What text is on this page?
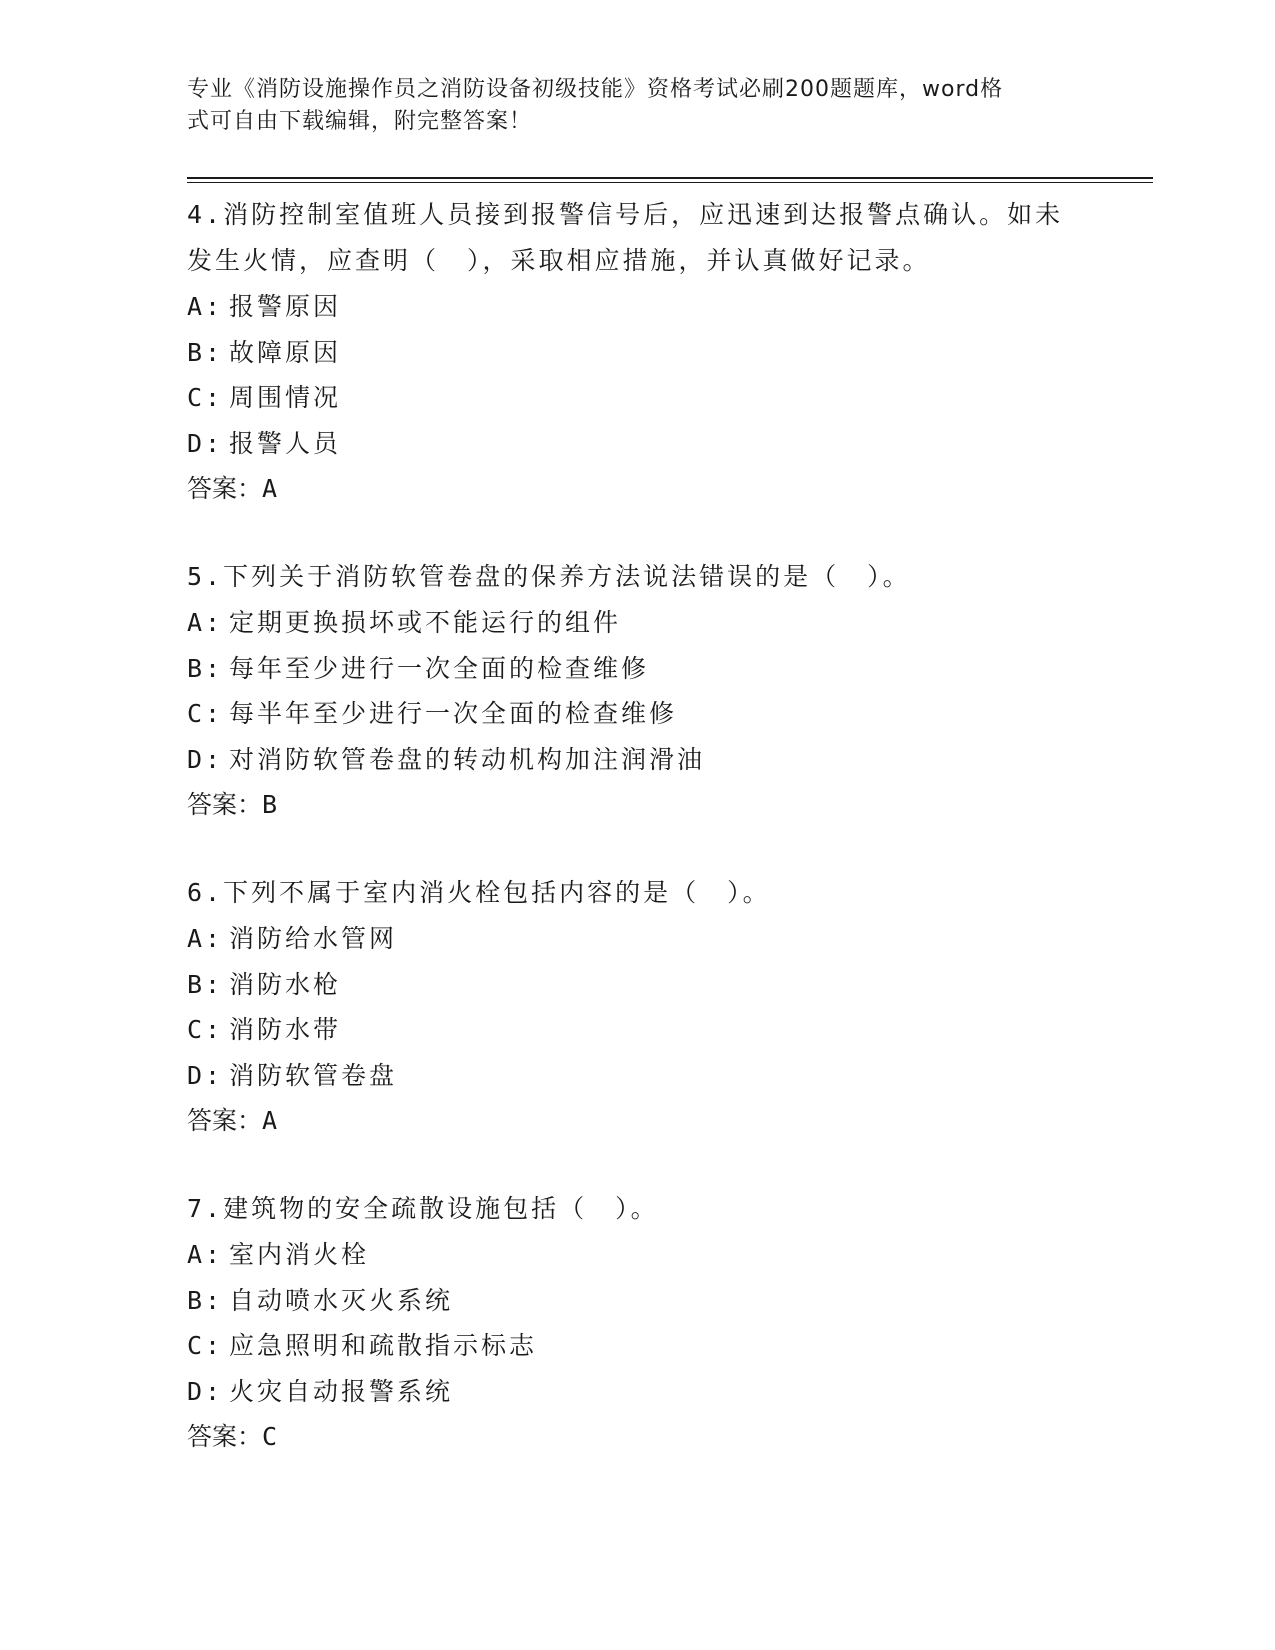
专业《消防设施操作员之消防设备初级技能》资格考试必刷200题题库，word格
式可自由下载编辑，附完整答案！

4.消防控制室值班人员接到报警信号后，应迅速到达报警点确认。如未发生火情，应查明（　），采取相应措施，并认真做好记录。

A: 报警原因

B: 故障原因

C: 周围情况

D: 报警人员

答案：A

5.下列关于消防软管卷盘的保养方法说法错误的是（　）。

A: 定期更换损坏或不能运行的组件

B: 每年至少进行一次全面的检查维修

C: 每半年至少进行一次全面的检查维修

D: 对消防软管卷盘的转动机构加注润滑油

答案：B

6.下列不属于室内消火栓包括内容的是（　）。

A: 消防给水管网

B: 消防水枪

C: 消防水带

D: 消防软管卷盘

答案：A

7.建筑物的安全疏散设施包括（　）。

A: 室内消火栓

B: 自动喷水灭火系统

C: 应急照明和疏散指示标志

D: 火灾自动报警系统

答案：C
